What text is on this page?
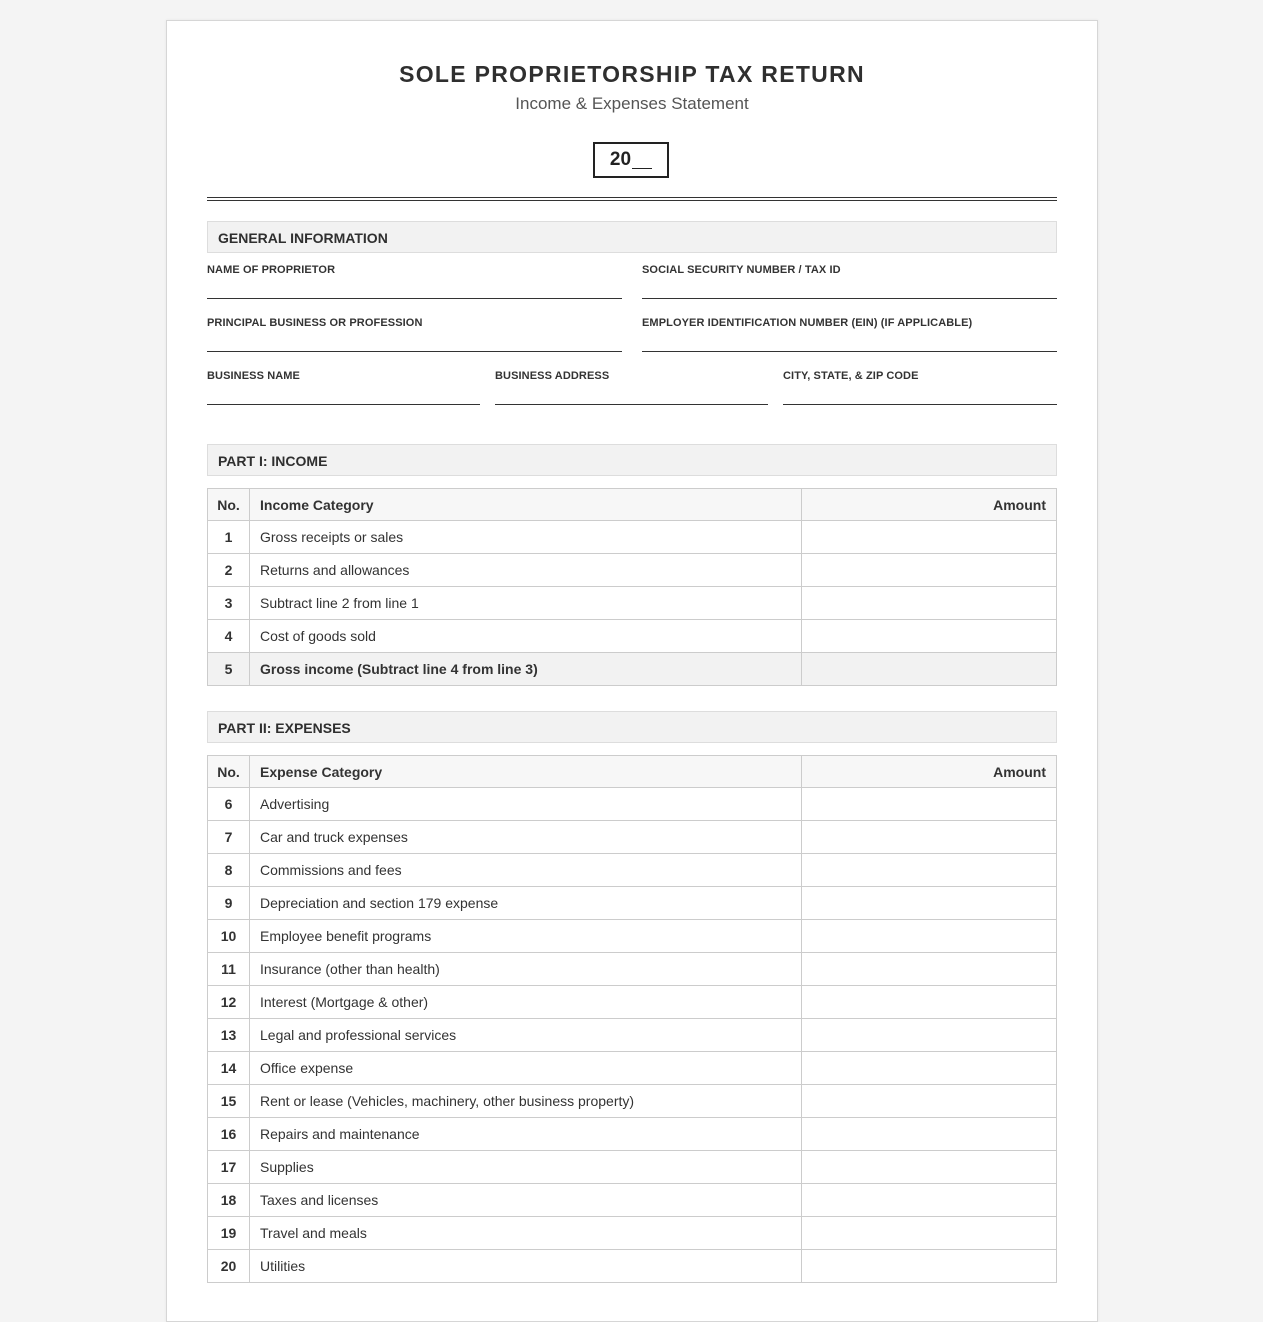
SOLE PROPRIETORSHIP TAX RETURN
Income & Expenses Statement
20
GENERAL INFORMATION
NAME OF PROPRIETOR	SOCIAL SECURITY NUMBER / TAX ID
PRINCIPAL BUSINESS OR PROFESSION	EMPLOYER IDENTIFICATION NUMBER (EIN) (IF APPLICABLE)
BUSINESS NAME	BUSINESS ADDRESS	CITY, STATE, & ZIP CODE
PART I: INCOME
No.	Income Category	Amount
1	Gross receipts or sales	
2	Returns and allowances	
3	Subtract line 2 from line 1	
4	Cost of goods sold	
5	Gross income (Subtract line 4 from line 3)	
PART II: EXPENSES
No.	Expense Category	Amount
6	Advertising	
7	Car and truck expenses	
8	Commissions and fees	
9	Depreciation and section 179 expense	
10	Employee benefit programs	
11	Insurance (other than health)	
12	Interest (Mortgage & other)	
13	Legal and professional services	
14	Office expense	
15	Rent or lease (Vehicles, machinery, other business property)	
16	Repairs and maintenance	
17	Supplies	
18	Taxes and licenses	
19	Travel and meals	
20	Utilities	
